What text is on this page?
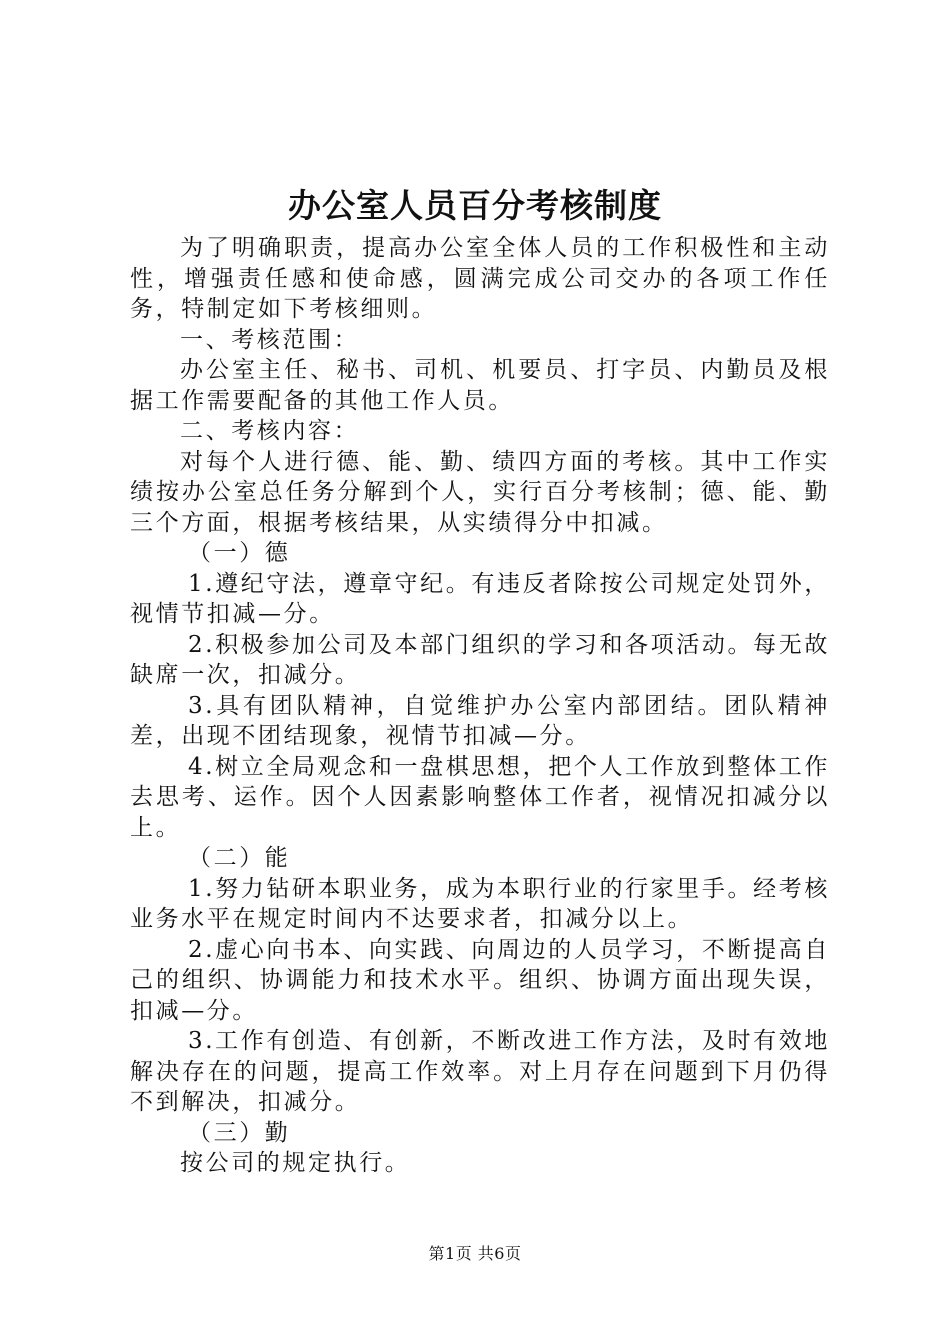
办公室人员百分考核制度

为了明确职责，提高办公室全体人员的工作积极性和主动性，增强责任感和使命感，圆满完成公司交办的各项工作任务，特制定如下考核细则。

一、考核范围：

办公室主任、秘书、司机、机要员、打字员、内勤员及根据工作需要配备的其他工作人员。

二、考核内容：

对每个人进行德、能、勤、绩四方面的考核。其中工作实绩按办公室总任务分解到个人，实行百分考核制；德、能、勤三个方面，根据考核结果，从实绩得分中扣减。

（一）德

1.遵纪守法，遵章守纪。有违反者除按公司规定处罚外，视情节扣减—分。

2.积极参加公司及本部门组织的学习和各项活动。每无故缺席一次，扣减分。

3.具有团队精神，自觉维护办公室内部团结。团队精神差，出现不团结现象，视情节扣减—分。

4.树立全局观念和一盘棋思想，把个人工作放到整体工作去思考、运作。因个人因素影响整体工作者，视情况扣减分以上。

（二）能

1.努力钻研本职业务，成为本职行业的行家里手。经考核业务水平在规定时间内不达要求者，扣减分以上。

2.虚心向书本、向实践、向周边的人员学习，不断提高自己的组织、协调能力和技术水平。组织、协调方面出现失误，扣减—分。

3.工作有创造、有创新，不断改进工作方法，及时有效地解决存在的问题，提高工作效率。对上月存在问题到下月仍得不到解决，扣减分。

（三）勤

按公司的规定执行。

第1页 共6页
